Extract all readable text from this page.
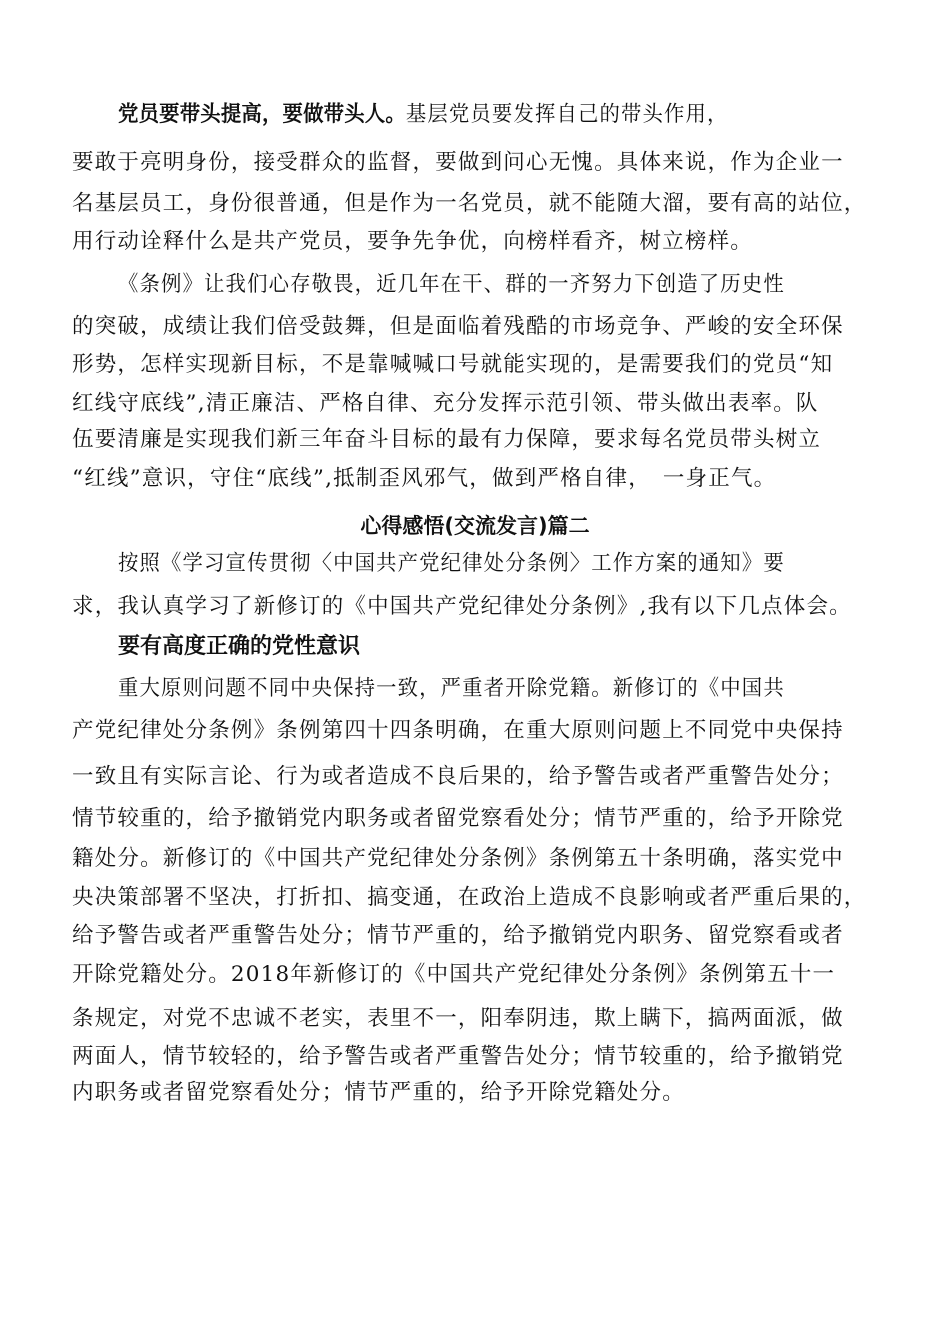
党员要带头提高，要做带头人。基层党员要发挥自己的带头作用，
要敢于亮明身份，接受群众的监督，要做到问心无愧。具体来说，作为企业一
名基层员工，身份很普通，但是作为一名党员，就不能随大溜，要有高的站位，
用行动诠释什么是共产党员，要争先争优，向榜样看齐，树立榜样。
《条例》让我们心存敬畏，近几年在干、群的一齐努力下创造了历史性
的突破，成绩让我们倍受鼓舞，但是面临着残酷的市场竞争、严峻的安全环保
形势，怎样实现新目标，不是靠喊喊口号就能实现的，是需要我们的党员“知
红线守底线”,清正廉洁、严格自律、充分发挥示范引领、带头做出表率。队
伍要清廉是实现我们新三年奋斗目标的最有力保障，要求每名党员带头树立
“红线”意识，守住“底线”,抵制歪风邪气，做到严格自律，　一身正气。
心得感悟(交流发言)篇二
按照《学习宣传贯彻〈中国共产党纪律处分条例〉工作方案的通知》要
求，我认真学习了新修订的《中国共产党纪律处分条例》,我有以下几点体会。
要有高度正确的党性意识
重大原则问题不同中央保持一致，严重者开除党籍。新修订的《中国共
产党纪律处分条例》条例第四十四条明确，在重大原则问题上不同党中央保持
一致且有实际言论、行为或者造成不良后果的，给予警告或者严重警告处分；
情节较重的，给予撤销党内职务或者留党察看处分；情节严重的，给予开除党
籍处分。新修订的《中国共产党纪律处分条例》条例第五十条明确，落实党中
央决策部署不坚决，打折扣、搞变通，在政治上造成不良影响或者严重后果的，
给予警告或者严重警告处分；情节严重的，给予撤销党内职务、留党察看或者
开除党籍处分。2018年新修订的《中国共产党纪律处分条例》条例第五十一
条规定，对党不忠诚不老实，表里不一，阳奉阴违，欺上瞒下，搞两面派，做
两面人，情节较轻的，给予警告或者严重警告处分；情节较重的，给予撤销党
内职务或者留党察看处分；情节严重的，给予开除党籍处分。
